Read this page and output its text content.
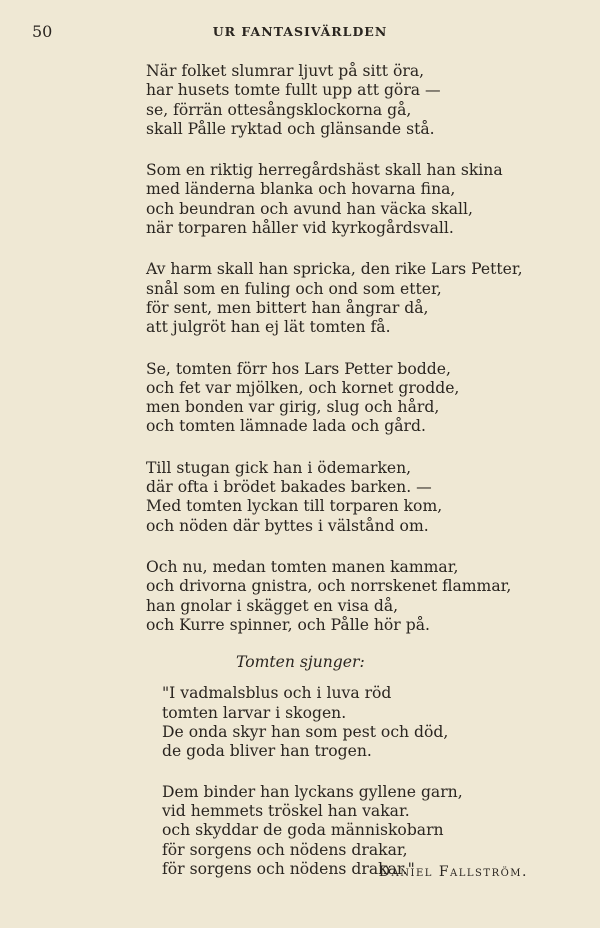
50	UR FANTASIVÄRLDEN
När folket slumrar ljuvt på sitt öra,
har husets tomte fullt upp att göra —
se, förrän ottesångsklockorna gå,
skall Pålle ryktad och glänsande stå.
Som en riktig herregårdshäst skall han skina
med länderna blanka och hovarna fina,
och beundran och avund han väcka skall,
när torparen håller vid kyrkogårdsvall.
Av harm skall han spricka, den rike Lars Petter,
snål som en fuling och ond som etter,
för sent, men bittert han ångrar då,
att julgröt han ej lät tomten få.
Se, tomten förr hos Lars Petter bodde,
och fet var mjölken, och kornet grodde,
men bonden var girig, slug och hård,
och tomten lämnade lada och gård.
Till stugan gick han i ödemarken,
där ofta i brödet bakades barken. —
Med tomten lyckan till torparen kom,
och nöden där byttes i välstånd om.
Och nu, medan tomten manen kammar,
och drivorna gnistra, och norrskenet flammar,
han gnolar i skägget en visa då,
och Kurre spinner, och Pålle hör på.
Tomten sjunger:
"I vadmalsblus och i luva röd
tomten larvar i skogen.
De onda skyr han som pest och död,
de goda bliver han trogen.
Dem binder han lyckans gyllene garn,
vid hemmets tröskel han vakar.
och skyddar de goda människobarn
för sorgens och nödens drakar,
för sorgens och nödens drakar."
Daniel Fallström.
